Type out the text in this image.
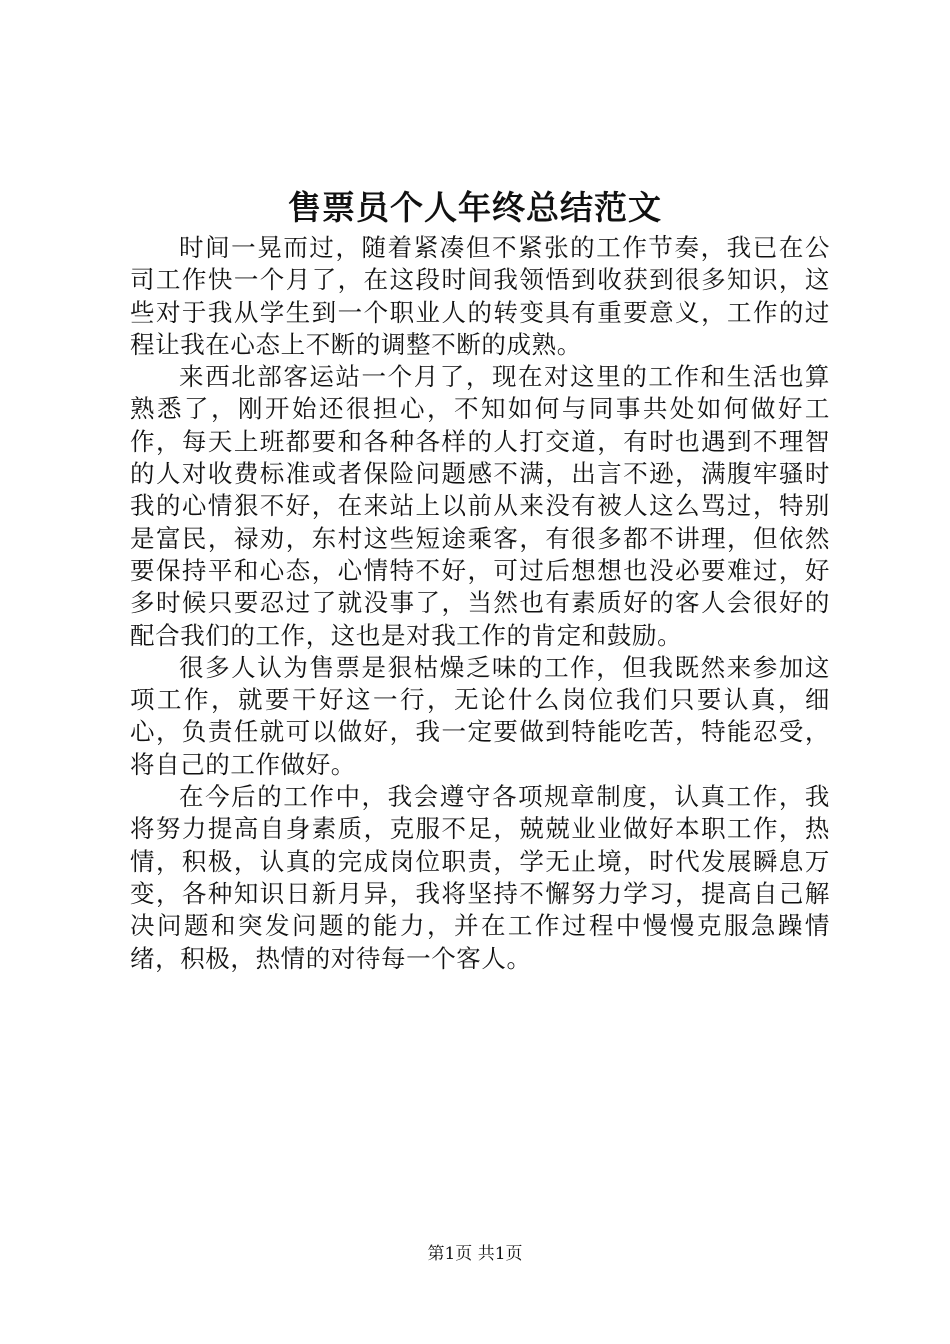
售票员个人年终总结范文

时间一晃而过，随着紧凑但不紧张的工作节奏，我已在公司工作快一个月了，在这段时间我领悟到收获到很多知识，这些对于我从学生到一个职业人的转变具有重要意义，工作的过程让我在心态上不断的调整不断的成熟。

来西北部客运站一个月了，现在对这里的工作和生活也算熟悉了，刚开始还很担心，不知如何与同事共处如何做好工作，每天上班都要和各种各样的人打交道，有时也遇到不理智的人对收费标准或者保险问题感不满，出言不逊，满腹牢骚时我的心情狠不好，在来站上以前从来没有被人这么骂过，特别是富民，禄劝，东村这些短途乘客，有很多都不讲理，但依然要保持平和心态，心情特不好，可过后想想也没必要难过，好多时候只要忍过了就没事了，当然也有素质好的客人会很好的配合我们的工作，这也是对我工作的肯定和鼓励。

很多人认为售票是狠枯燥乏味的工作，但我既然来参加这项工作，就要干好这一行，无论什么岗位我们只要认真，细心，负责任就可以做好，我一定要做到特能吃苦，特能忍受，将自己的工作做好。

在今后的工作中，我会遵守各项规章制度，认真工作，我将努力提高自身素质，克服不足，兢兢业业做好本职工作，热情，积极，认真的完成岗位职责，学无止境，时代发展瞬息万变，各种知识日新月异，我将坚持不懈努力学习，提高自己解决问题和突发问题的能力，并在工作过程中慢慢克服急躁情绪，积极，热情的对待每一个客人。

第1页 共1页
